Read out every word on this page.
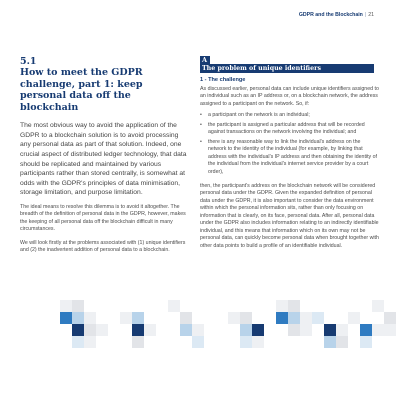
GDPR and the Blockchain | 21
5.1
How to meet the GDPR challenge, part 1: keep personal data off the blockchain

The most obvious way to avoid the application of the GDPR to a blockchain solution is to avoid processing any personal data as part of that solution. Indeed, one crucial aspect of distributed ledger technology, that data should be replicated and maintained by various participants rather than stored centrally, is somewhat at odds with the GDPR's principles of data minimisation, storage limitation, and purpose limitation.

The ideal means to resolve this dilemma is to avoid it altogether. The breadth of the definition of personal data in the GDPR, however, makes the keeping of all personal data off the blockchain difficult in many circumstances.

We will look firstly at the problems associated with (1) unique identifiers and (2) the inadvertent addition of personal data to a blockchain.

A
The problem of unique identifiers
1 - The challenge

As discussed earlier, personal data can include unique identifiers assigned to an individual such as an IP address or, on a blockchain network, the address assigned to a participant on the network. So, if:

• a participant on the network is an individual;
• the participant is assigned a particular address that will be recorded against transactions on the network involving the individual; and
• there is any reasonable way to link the individual's address on the network to the identity of the individual (for example, by linking that address with the individual's IP address and then obtaining the identity of the individual from the individual's internet service provider by a court order),

then, the participant's address on the blockchain network will be considered personal data under the GDPR. Given the expanded definition of personal data under the GDPR, it is also important to consider the data environment within which the personal information sits, rather than only focusing on information that is clearly, on its face, personal data. After all, personal data under the GDPR also includes information relating to an indirectly identifiable individual, and this means that information which on its own may not be personal data, can quickly become personal data when brought together with other data points to build a profile of an identifiable individual.
